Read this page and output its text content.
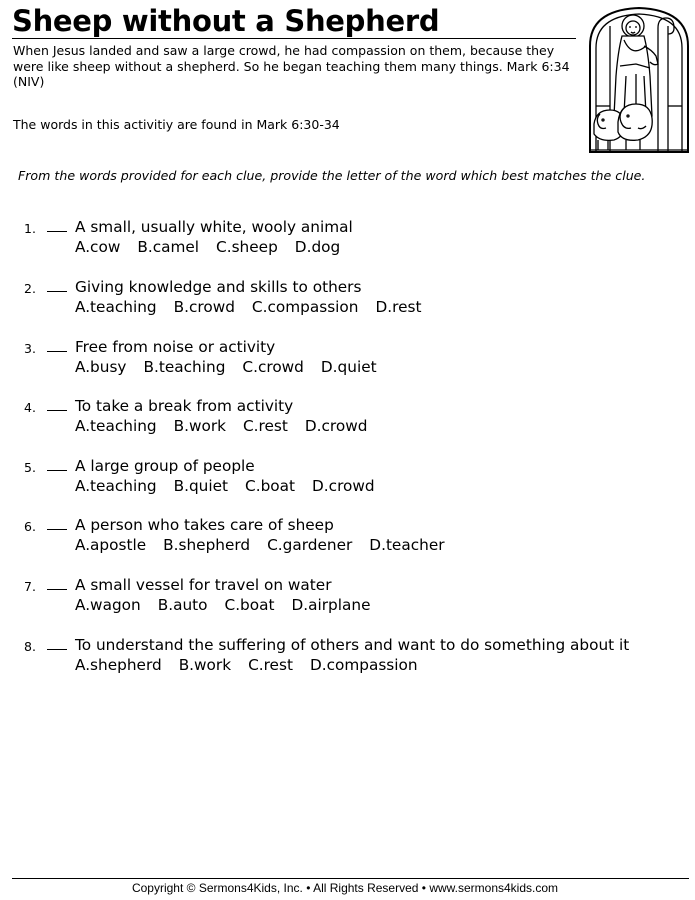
Sheep without a Shepherd

When Jesus landed and saw a large crowd, he had compassion on them, because they were like sheep without a shepherd. So he began teaching them many things. Mark 6:34 (NIV)

The words in this activitiy are found in Mark 6:30-34

From the words provided for each clue, provide the letter of the word which best matches the clue.

1.	A small, usually white, wooly animal
A.cow B.camel C.sheep D.dog
2.	Giving knowledge and skills to others
A.teaching B.crowd C.compassion D.rest
3.	Free from noise or activity
A.busy B.teaching C.crowd D.quiet
4.	To take a break from activity
A.teaching B.work C.rest D.crowd
5.	A large group of people
A.teaching B.quiet C.boat D.crowd
6.	A person who takes care of sheep
A.apostle B.shepherd C.gardener D.teacher
7.	A small vessel for travel on water
A.wagon B.auto C.boat D.airplane
8.	To understand the suffering of others and want to do something about it
A.shepherd B.work C.rest D.compassion
Copyright © Sermons4Kids, Inc. • All Rights Reserved • www.sermons4kids.com
